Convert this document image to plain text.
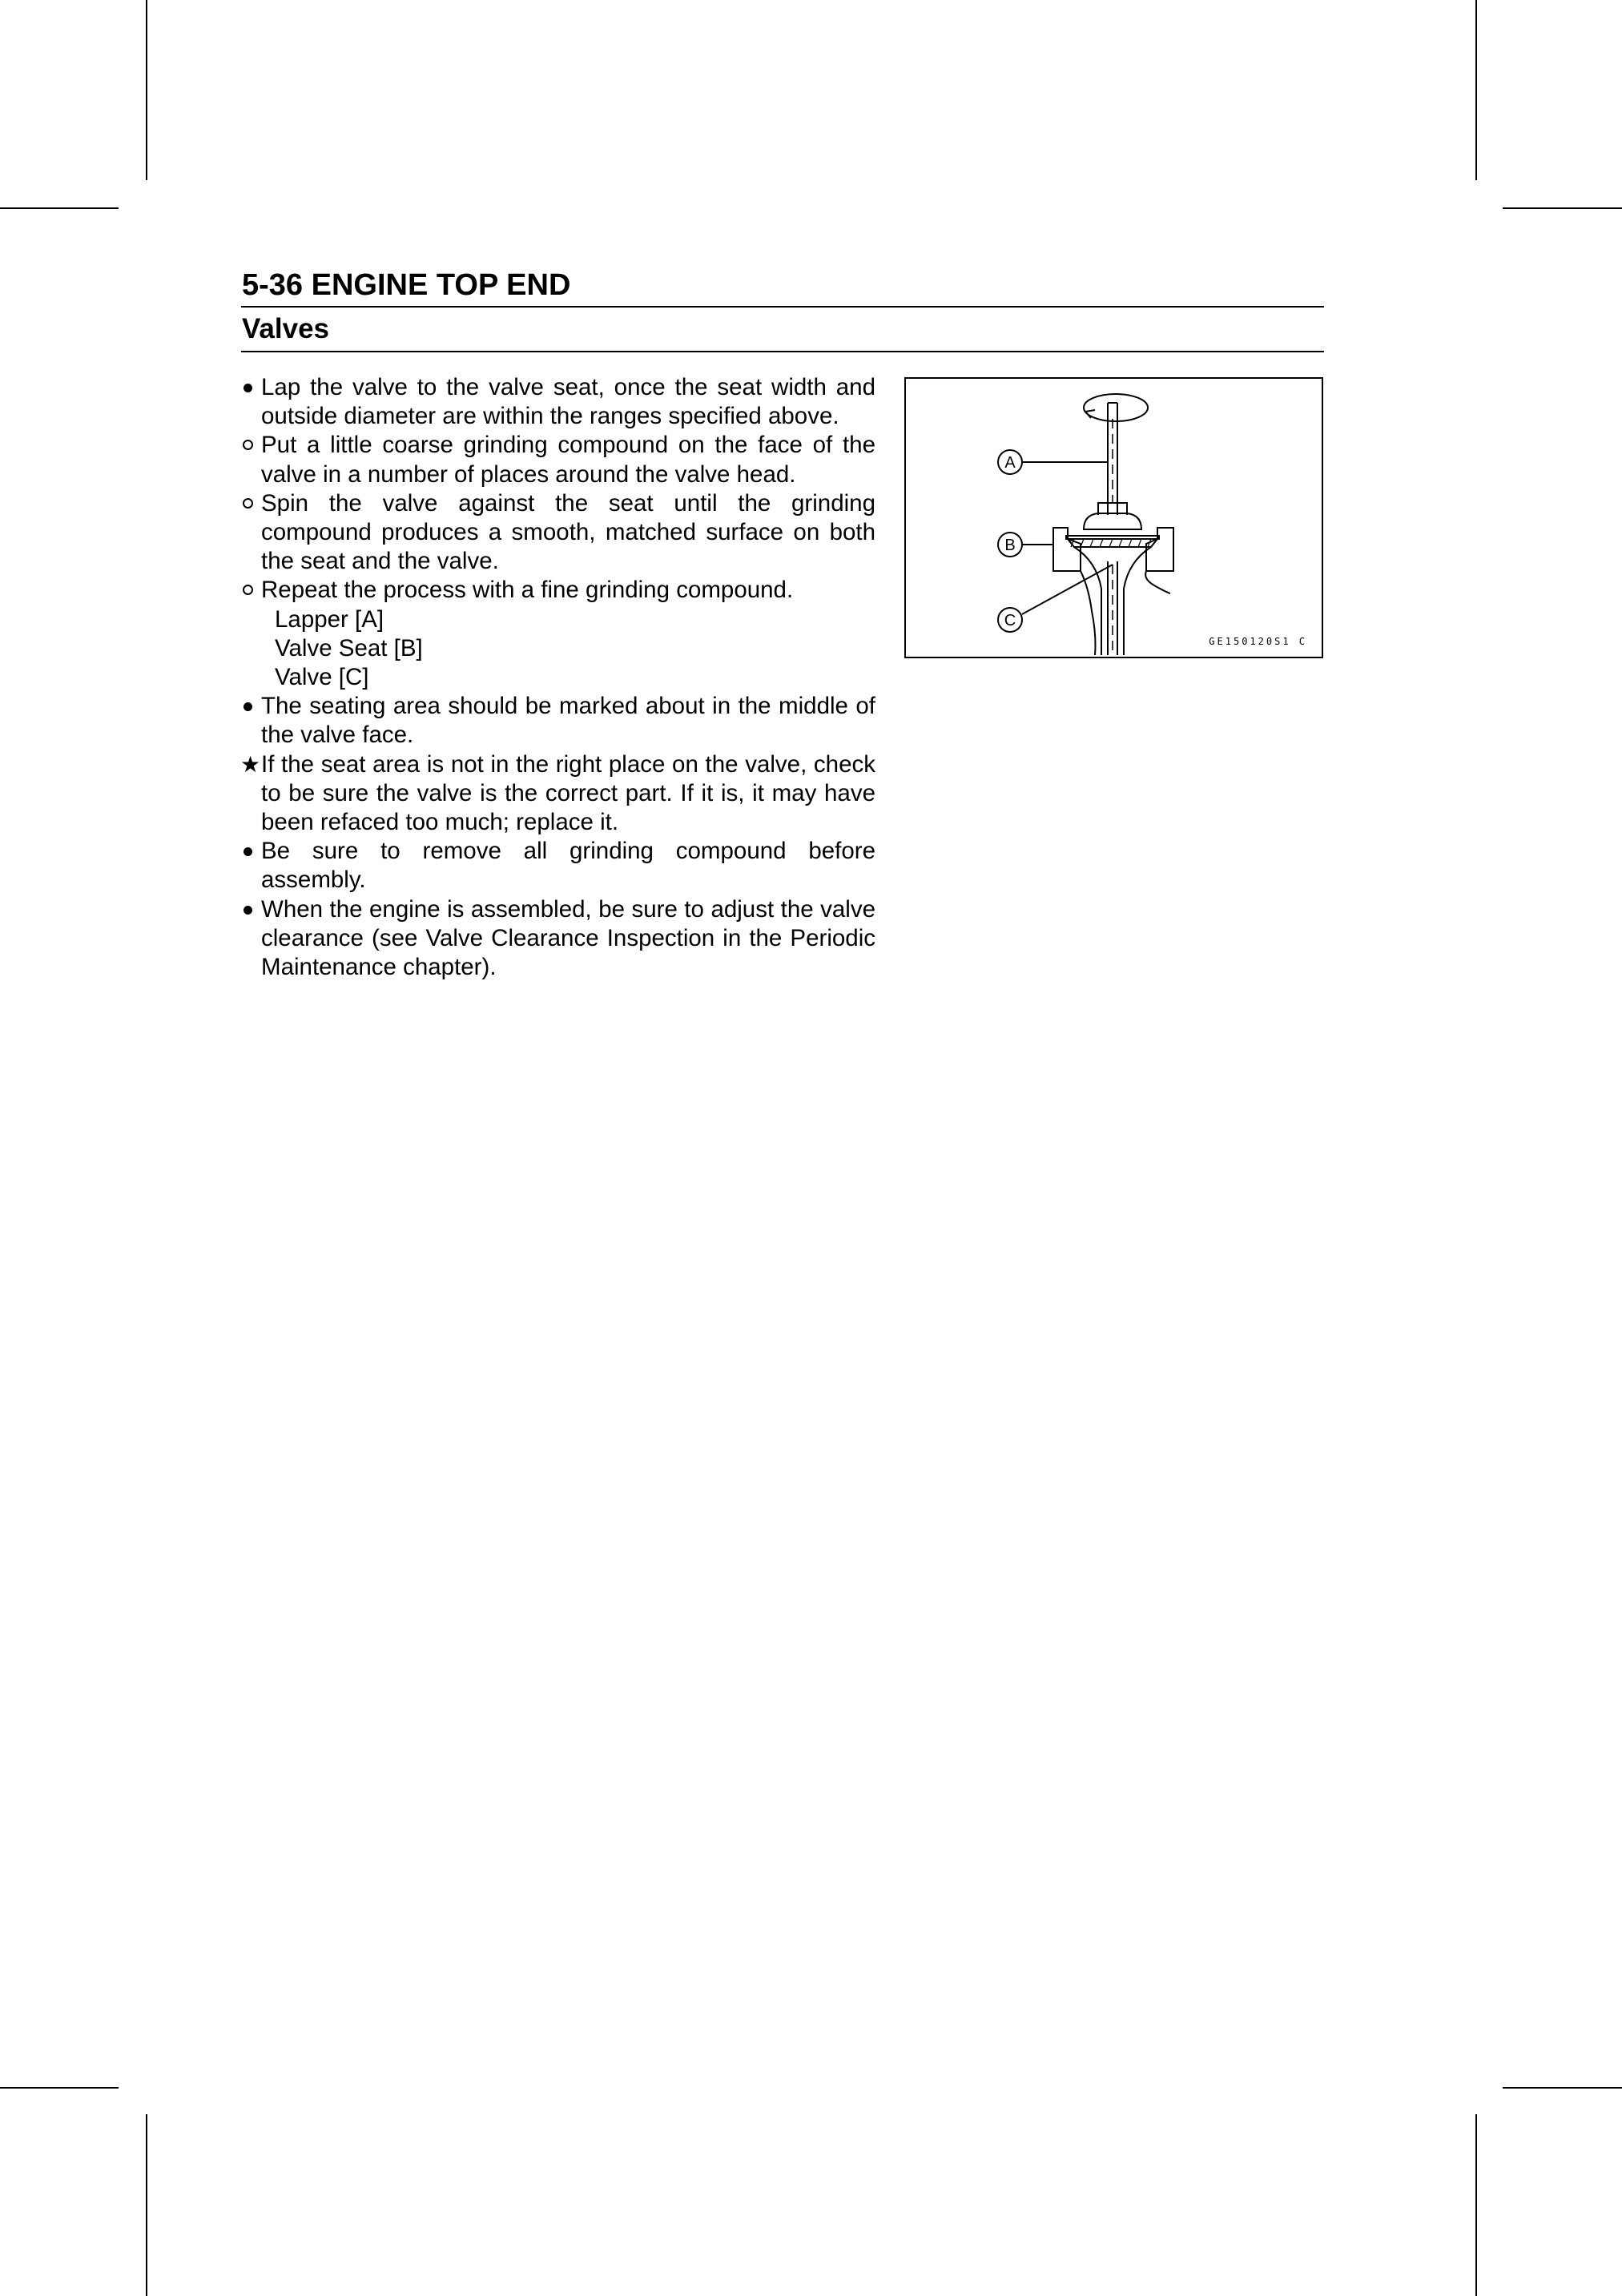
5-36 ENGINE TOP END
Valves
Lap the valve to the valve seat, once the seat width and outside diameter are within the ranges specified above.
Put a little coarse grinding compound on the face of the valve in a number of places around the valve head.
Spin the valve against the seat until the grinding compound produces a smooth, matched surface on both the seat and the valve.
Repeat the process with a fine grinding compound.
Lapper [A]
Valve Seat [B]
Valve [C]
The seating area should be marked about in the middle of the valve face.
★ If the seat area is not in the right place on the valve, check to be sure the valve is the correct part. If it is, it may have been refaced too much; replace it.
Be sure to remove all grinding compound before assembly.
When the engine is assembled, be sure to adjust the valve clearance (see Valve Clearance Inspection in the Periodic Maintenance chapter).
A
B
C
GE150120S1 C
